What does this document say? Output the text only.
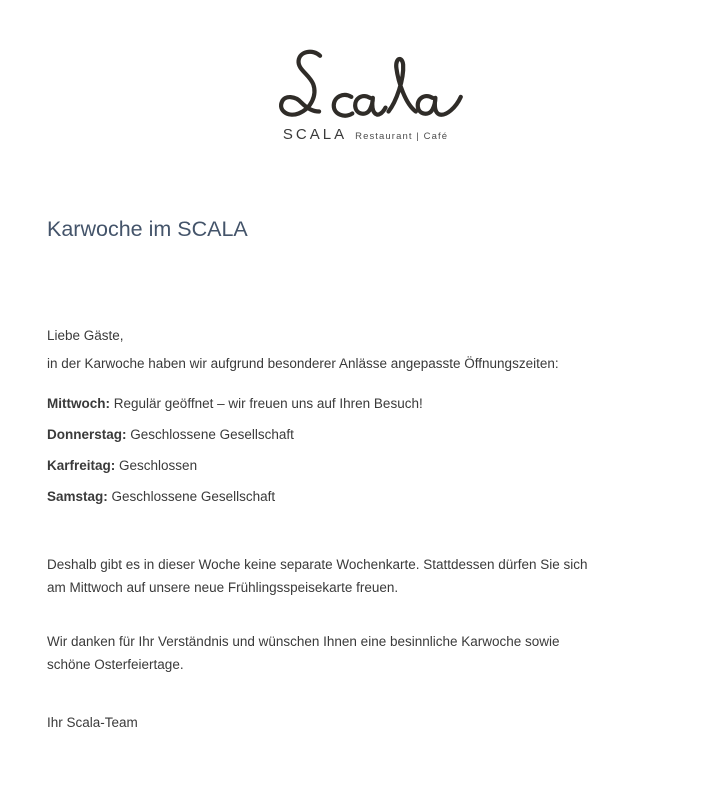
SCALA Restaurant | Café
Karwoche im SCALA

Liebe Gäste,

in der Karwoche haben wir aufgrund besonderer Anlässe angepasste Öffnungszeiten:

Mittwoch: Regulär geöffnet – wir freuen uns auf Ihren Besuch!
Donnerstag: Geschlossene Gesellschaft
Karfreitag: Geschlossen
Samstag: Geschlossene Gesellschaft

Deshalb gibt es in dieser Woche keine separate Wochenkarte. Stattdessen dürfen Sie sich
am Mittwoch auf unsere neue Frühlingsspeisekarte freuen.

Wir danken für Ihr Verständnis und wünschen Ihnen eine besinnliche Karwoche sowie
schöne Osterfeiertage.

Ihr Scala-Team
